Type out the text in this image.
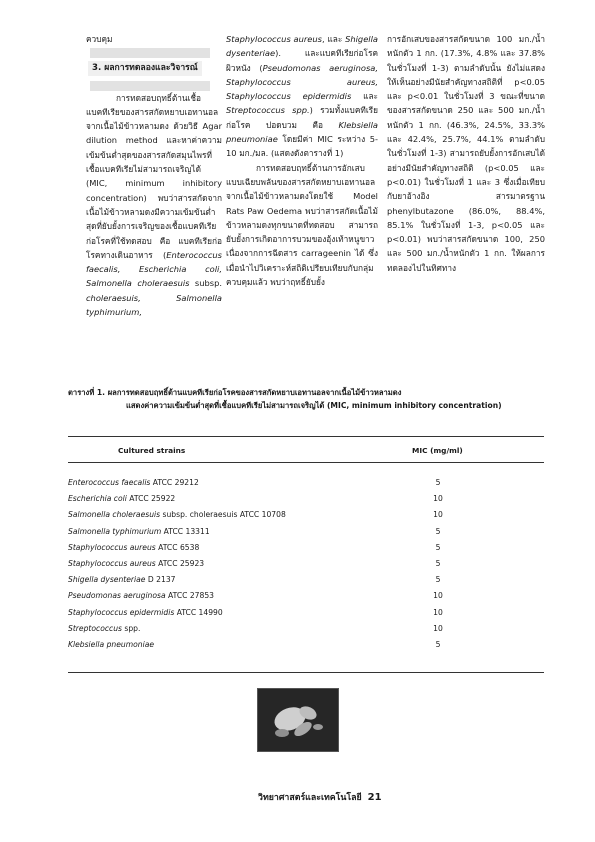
ควบคุม

3. ผลการทดลองและวิจารณ์

การทดสอบฤทธิ์ต้านเชื้อแบคทีเรียของสารสกัดหยาบเอทานอลจากเนื้อไม้ข้าวหลามดง ด้วยวิธี Agar dilution method และหาค่าความเข้มข้นต่ำสุดของสารสกัดสมุนไพรที่เชื้อแบคทีเรียไม่สามารถเจริญได้ (MIC, minimum inhibitory concentration) พบว่าสารสกัดจากเนื้อไม้ข้าวหลามดงมีความเข้มข้นต่ำสุดที่ยับยั้งการเจริญของเชื้อแบคทีเรียก่อโรคที่ใช้ทดสอบ คือ แบคทีเรียก่อโรคทางเดินอาหาร (Enterococcus faecalis, Escherichia coli, Salmonella choleraesuis subsp. choleraesuis, Salmonella typhimurium,

Staphylococcus aureus, และ Shigella dysenteriae). และแบคทีเรียก่อโรคผิวหนัง (Pseudomonas aeruginosa, Staphylococcus aureus, Staphylococcus epidermidis และ Streptococcus spp.) รวมทั้งแบคทีเรียก่อโรค ปอดบวม คือ Klebsiella pneumoniae โดยมีค่า MIC ระหว่าง 5-10 มก./มล. (แสดงดังตารางที่ 1)

การทดสอบฤทธิ์ต้านการอักเสบแบบเฉียบพลันของสารสกัดหยาบเอทานอลจากเนื้อไม้ข้าวหลามดงโดยใช้ Model Rats Paw Oedema พบว่าสารสกัดเนื้อไม้ข้าวหลามดงทุกขนาดที่ทดสอบ สามารถยับยั้งการเกิดอาการบวมของอุ้งเท้าหนูขาวเนื่องจากการฉีดสาร carrageenin ได้ ซึ่งเมื่อนำไปวิเคราะห์สถิติเปรียบเทียบกับกลุ่มควบคุมแล้ว พบว่าฤทธิ์ยับยั้ง

การอักเสบของสารสกัดขนาด 100 มก./น้ำหนักตัว 1 กก. (17.3%, 4.8% และ 37.8% ในชั่วโมงที่ 1-3) ตามลำดับนั้น ยังไม่แสดงให้เห็นอย่างมีนัยสำคัญทางสถิติที่ p<0.05 และ p<0.01 ในชั่วโมงที่ 3 ขณะที่ขนาดของสารสกัดขนาด 250 และ 500 มก./น้ำหนักตัว 1 กก. (46.3%, 24.5%, 33.3% และ 42.4%, 25.7%, 44.1% ตามลำดับ ในชั่วโมงที่ 1-3) สามารถยับยั้งการอักเสบได้อย่างมีนัยสำคัญทางสถิติ (p<0.05 และ p<0.01) ในชั่วโมงที่ 1 และ 3 ซึ่งเมื่อเทียบกับยาอ้างอิง สารมาตรฐาน phenylbutazone (86.0%, 88.4%, 85.1% ในชั่วโมงที่ 1-3, p<0.05 และ p<0.01) พบว่าสารสกัดขนาด 100, 250 และ 500 มก./น้ำหนักตัว 1 กก. ให้ผลการทดลองไปในทิศทาง

ตารางที่ 1. ผลการทดสอบฤทธิ์ต้านแบคทีเรียก่อโรคของสารสกัดหยาบเอทานอลจากเนื้อไม้ข้าวหลามดง
แสดงค่าความเข้มข้นต่ำสุดที่เชื้อแบคทีเรียไม่สามารถเจริญได้ (MIC, minimum inhibitory concentration)
Cultured strains	MIC (mg/ml)
Enterococcus faecalis ATCC 29212	5
Escherichia coli ATCC 25922	10
Salmonella choleraesuis subsp. choleraesuis ATCC 10708	10
Salmonella typhimurium ATCC 13311	5
Staphylococcus aureus ATCC 6538	5
Staphylococcus aureus ATCC 25923	5
Shigella dysenteriae D 2137	5
Pseudomonas aeruginosa ATCC 27853	10
Staphylococcus epidermidis ATCC 14990	10
Streptococcus spp.	10
Klebsiella pneumoniae	5
วิทยาศาสตร์และเทคโนโลยี 21
